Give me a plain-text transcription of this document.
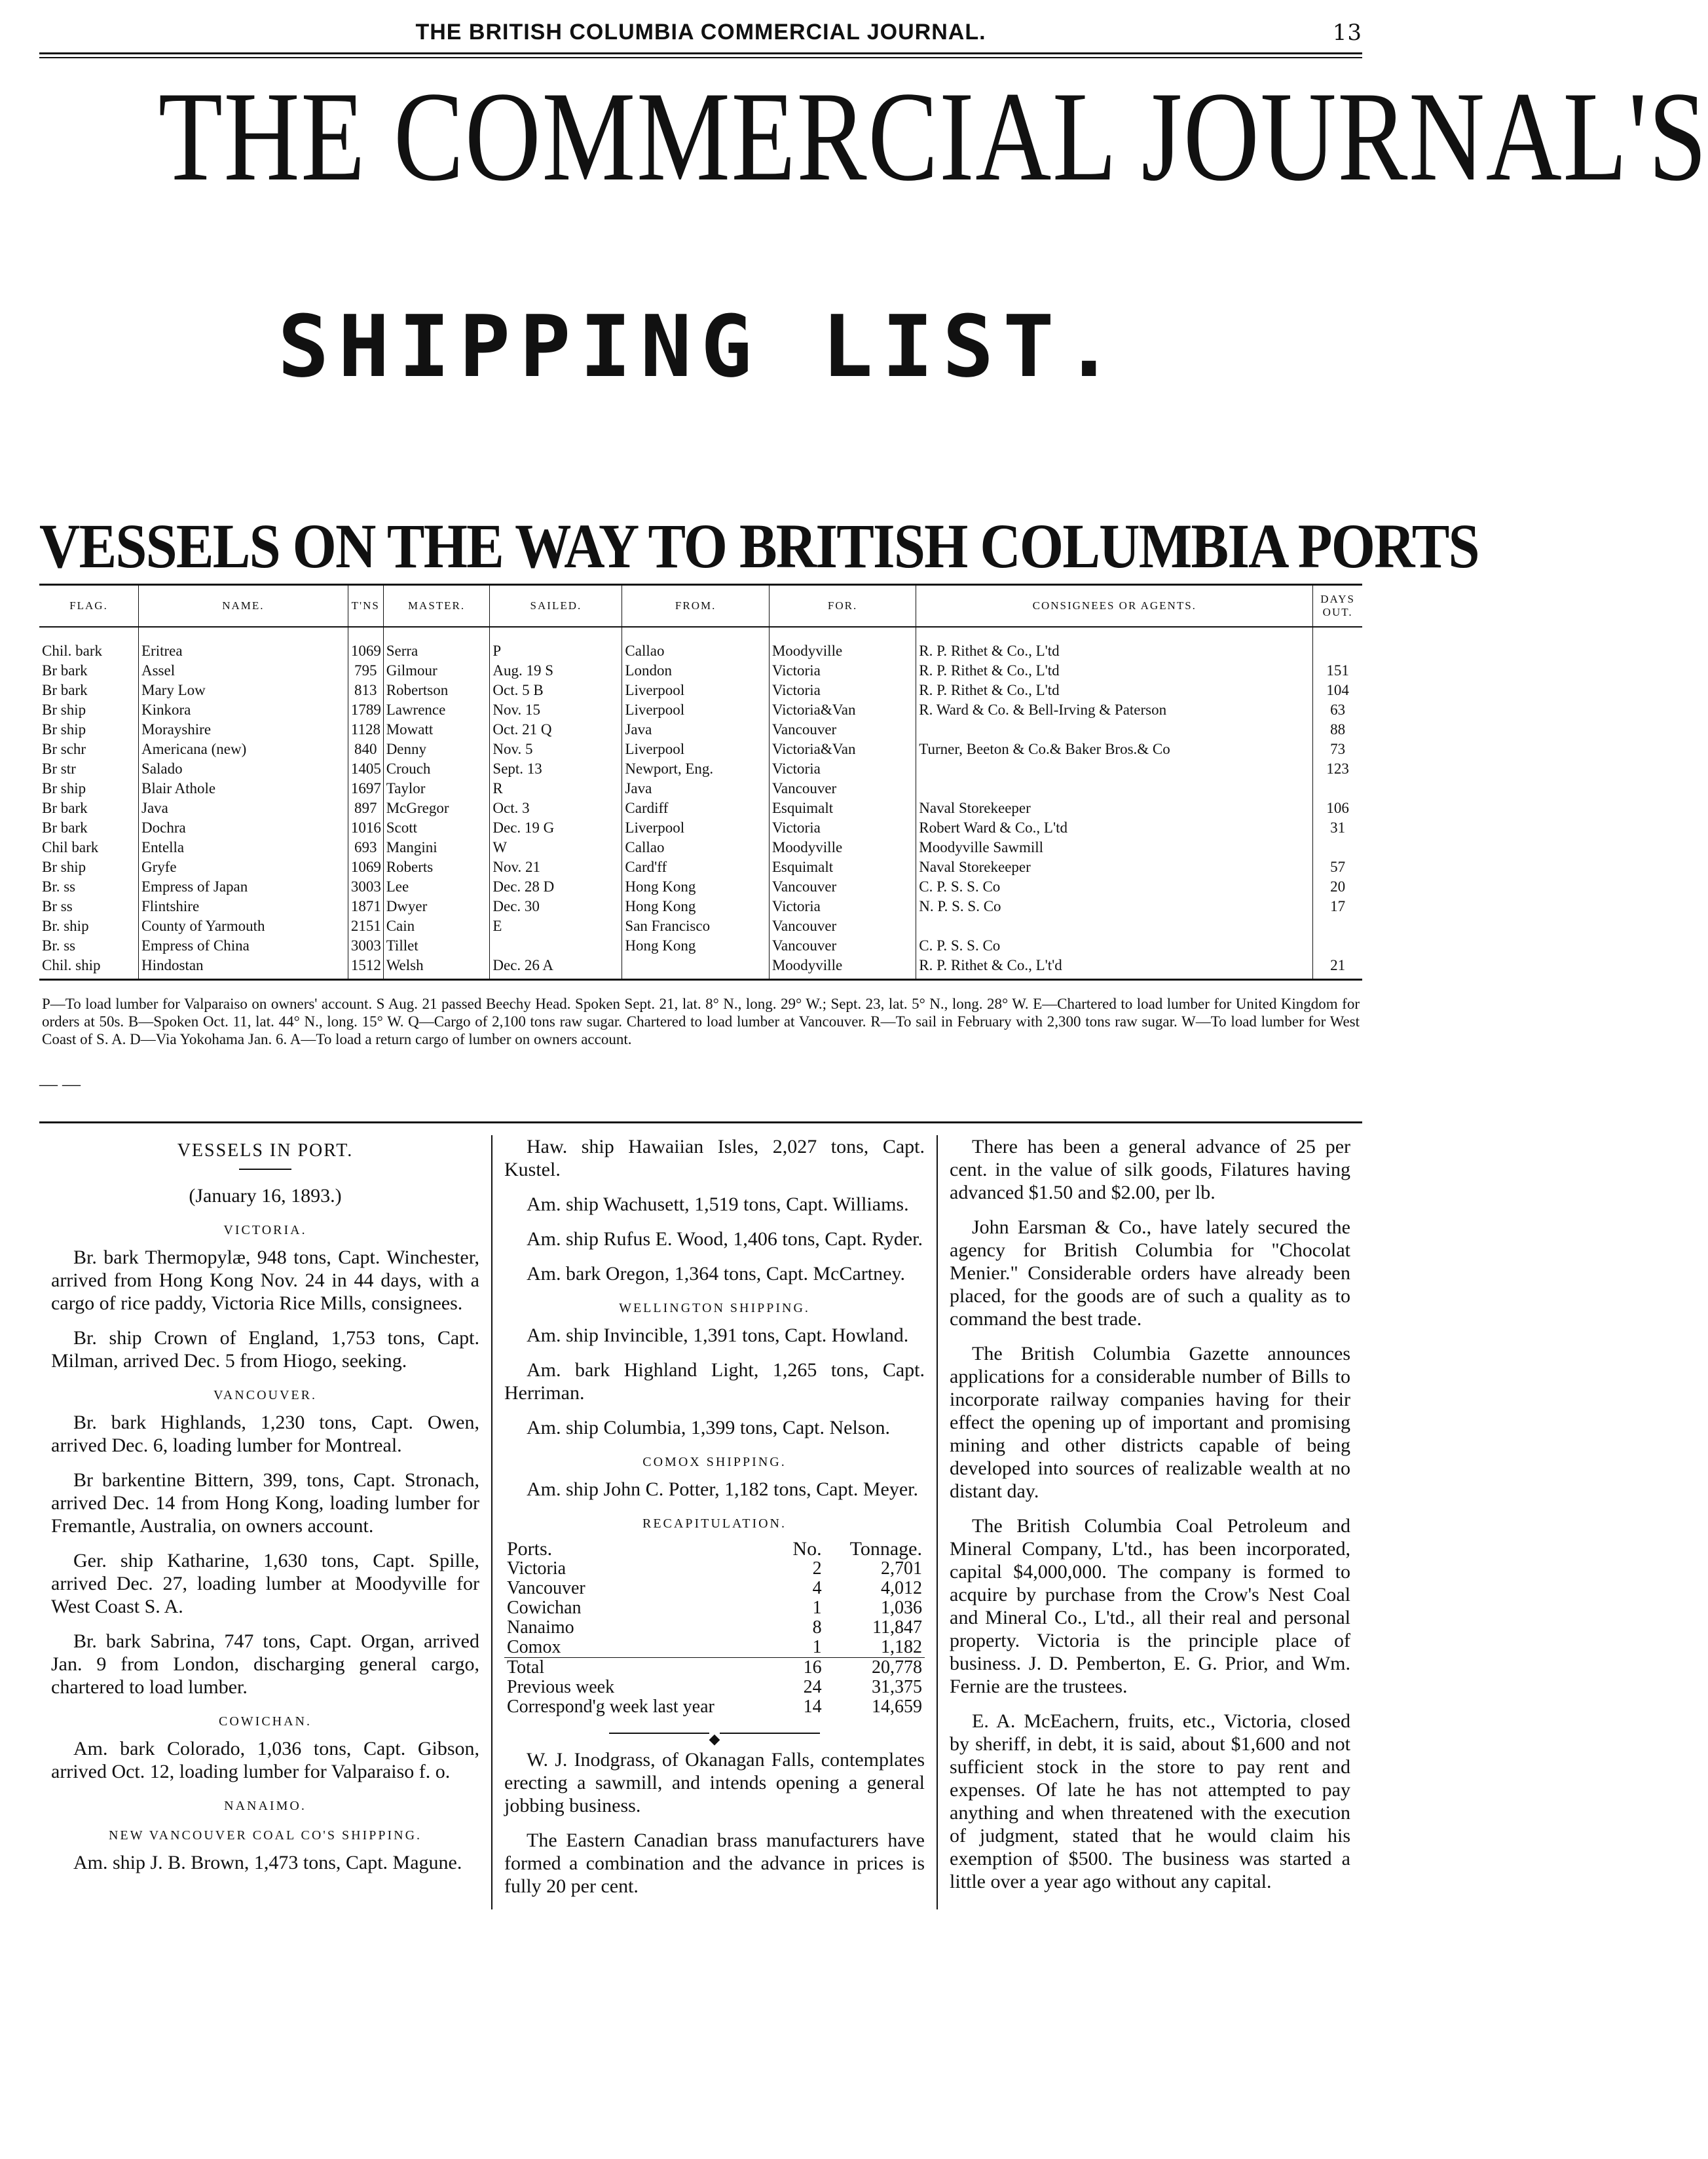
THE BRITISH COLUMBIA COMMERCIAL JOURNAL.	13
THE COMMERCIAL JOURNAL'S
SHIPPING LIST.
VESSELS ON THE WAY TO BRITISH COLUMBIA PORTS
FLAG.	NAME.	T'NS	MASTER.	SAILED.	FROM.	FOR.	CONSIGNEES OR AGENTS.	DAYS OUT.
Chil. bark	Eritrea	1069	Serra	P	Callao	Moodyville	R. P. Rithet & Co., L'td	
Br bark	Assel	795	Gilmour	Aug. 19 S	London	Victoria	R. P. Rithet & Co., L'td	151
Br bark	Mary Low	813	Robertson	Oct. 5 B	Liverpool	Victoria	R. P. Rithet & Co., L'td	104
Br ship	Kinkora	1789	Lawrence	Nov. 15	Liverpool	Victoria&Van	R. Ward & Co. & Bell-Irving & Paterson	63
Br ship	Morayshire	1128	Mowatt	Oct. 21 Q	Java	Vancouver		88
Br schr	Americana (new)	840	Denny	Nov. 5	Liverpool	Victoria&Van	Turner, Beeton & Co.& Baker Bros.& Co	73
Br str	Salado	1405	Crouch	Sept. 13	Newport, Eng.	Victoria		123
Br ship	Blair Athole	1697	Taylor	R	Java	Vancouver		
Br bark	Java	897	McGregor	Oct. 3	Cardiff	Esquimalt	Naval Storekeeper	106
Br bark	Dochra	1016	Scott	Dec. 19 G	Liverpool	Victoria	Robert Ward & Co., L'td	31
Chil bark	Entella	693	Mangini	W	Callao	Moodyville	Moodyville Sawmill	
Br ship	Gryfe	1069	Roberts	Nov. 21	Card'ff	Esquimalt	Naval Storekeeper	57
Br. ss	Empress of Japan	3003	Lee	Dec. 28 D	Hong Kong	Vancouver	C. P. S. S. Co	20
Br ss	Flintshire	1871	Dwyer	Dec. 30	Hong Kong	Victoria	N. P. S. S. Co	17
Br. ship	County of Yarmouth	2151	Cain	E	San Francisco	Vancouver		
Br. ss	Empress of China	3003	Tillet		Hong Kong	Vancouver	C. P. S. S. Co	
Chil. ship	Hindostan	1512	Welsh	Dec. 26 A		Moodyville	R. P. Rithet & Co., L't'd	21
P—To load lumber for Valparaiso on owners' account. S Aug. 21 passed Beechy Head. Spoken Sept. 21, lat. 8° N., long. 29° W.; Sept. 23, lat. 5° N., long. 28° W. E—Chartered to load lumber for United Kingdom for orders at 50s. B—Spoken Oct. 11, lat. 44° N., long. 15° W. Q—Cargo of 2,100 tons raw sugar. Chartered to load lumber at Vancouver. R—To sail in February with 2,300 tons raw sugar. W—To load lumber for West Coast of S. A. D—Via Yokohama Jan. 6. A—To load a return cargo of lumber on owners account.
— —
VESSELS IN PORT.
(January 16, 1893.)
VICTORIA.

Br. bark Thermopylæ, 948 tons, Capt. Winchester, arrived from Hong Kong Nov. 24 in 44 days, with a cargo of rice paddy, Victoria Rice Mills, consignees.

Br. ship Crown of England, 1,753 tons, Capt. Milman, arrived Dec. 5 from Hiogo, seeking.

VANCOUVER.

Br. bark Highlands, 1,230 tons, Capt. Owen, arrived Dec. 6, loading lumber for Montreal.

Br barkentine Bittern, 399, tons, Capt. Stronach, arrived Dec. 14 from Hong Kong, loading lumber for Fremantle, Australia, on owners account.

Ger. ship Katharine, 1,630 tons, Capt. Spille, arrived Dec. 27, loading lumber at Moodyville for West Coast S. A.

Br. bark Sabrina, 747 tons, Capt. Organ, arrived Jan. 9 from London, discharging general cargo, chartered to load lumber.

COWICHAN.

Am. bark Colorado, 1,036 tons, Capt. Gibson, arrived Oct. 12, loading lumber for Valparaiso f. o.

NANAIMO.
NEW VANCOUVER COAL CO'S SHIPPING.

Am. ship J. B. Brown, 1,473 tons, Capt. Magune.

Haw. ship Hawaiian Isles, 2,027 tons, Capt. Kustel.

Am. ship Wachusett, 1,519 tons, Capt. Williams.

Am. ship Rufus E. Wood, 1,406 tons, Capt. Ryder.

Am. bark Oregon, 1,364 tons, Capt. McCartney.

WELLINGTON SHIPPING.

Am. ship Invincible, 1,391 tons, Capt. Howland.

Am. bark Highland Light, 1,265 tons, Capt. Herriman.

Am. ship Columbia, 1,399 tons, Capt. Nelson.

COMOX SHIPPING.

Am. ship John C. Potter, 1,182 tons, Capt. Meyer.

RECAPITULATION.
Ports.	No.	Tonnage.
Victoria	2	2,701
Vancouver	4	4,012
Cowichan	1	1,036
Nanaimo	8	11,847
Comox	1	1,182
Total	16	20,778
Previous week	24	31,375
Correspond'g week last year	14	14,659
◆

W. J. Inodgrass, of Okanagan Falls, contemplates erecting a sawmill, and intends opening a general jobbing business.

The Eastern Canadian brass manufacturers have formed a combination and the advance in prices is fully 20 per cent.

There has been a general advance of 25 per cent. in the value of silk goods, Filatures having advanced $1.50 and $2.00, per lb.

John Earsman & Co., have lately secured the agency for British Columbia for "Chocolat Menier." Considerable orders have already been placed, for the goods are of such a quality as to command the best trade.

The British Columbia Gazette announces applications for a considerable number of Bills to incorporate railway companies having for their effect the opening up of important and promising mining and other districts capable of being developed into sources of realizable wealth at no distant day.

The British Columbia Coal Petroleum and Mineral Company, L'td., has been incorporated, capital $4,000,000. The company is formed to acquire by purchase from the Crow's Nest Coal and Mineral Co., L'td., all their real and personal property. Victoria is the principle place of business. J. D. Pemberton, E. G. Prior, and Wm. Fernie are the trustees.

E. A. McEachern, fruits, etc., Victoria, closed by sheriff, in debt, it is said, about $1,600 and not sufficient stock in the store to pay rent and expenses. Of late he has not attempted to pay anything and when threatened with the execution of judgment, stated that he would claim his exemption of $500. The business was started a little over a year ago without any capital.
